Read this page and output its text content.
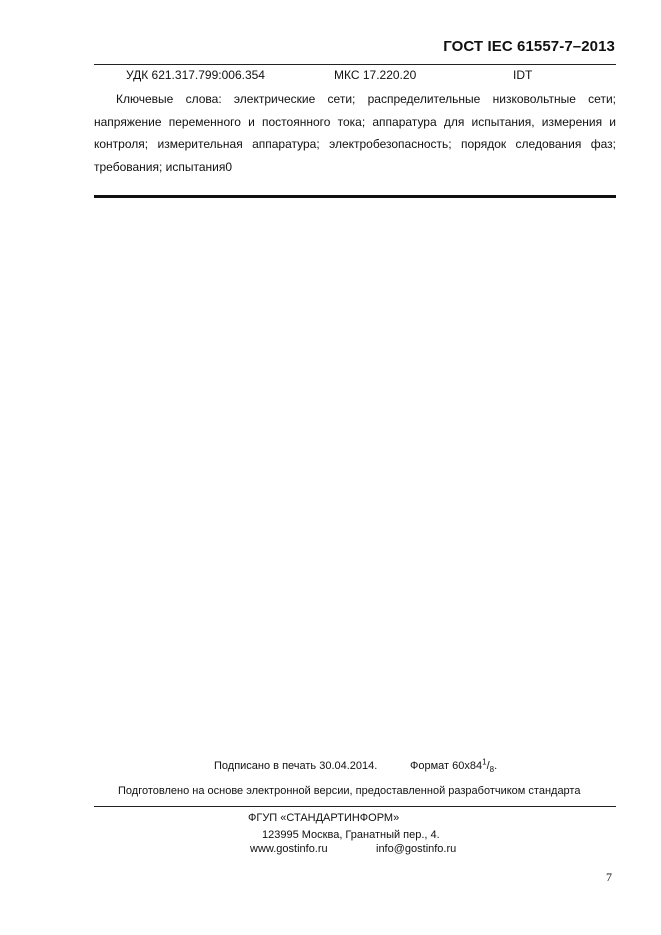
ГОСТ IEC 61557-7–2013
УДК 621.317.799:006.354	МКС 17.220.20	IDT
Ключевые слова: электрические сети; распределительные низковольтные сети;
напряжение переменного и постоянного тока; аппаратура для испытания, измерения и
контроля; измерительная аппаратура; электробезопасность; порядок следования фаз;
требования; испытания0
Подписано в печать 30.04.2014.	Формат $60x84^1/_8$.
Подготовлено на основе электронной версии, предоставленной разработчиком стандарта
ФГУП «СТАНДАРТИНФОРМ»
123995 Москва, Гранатный пер., 4.
www.gostinfo.ru	info@gostinfo.ru
7
